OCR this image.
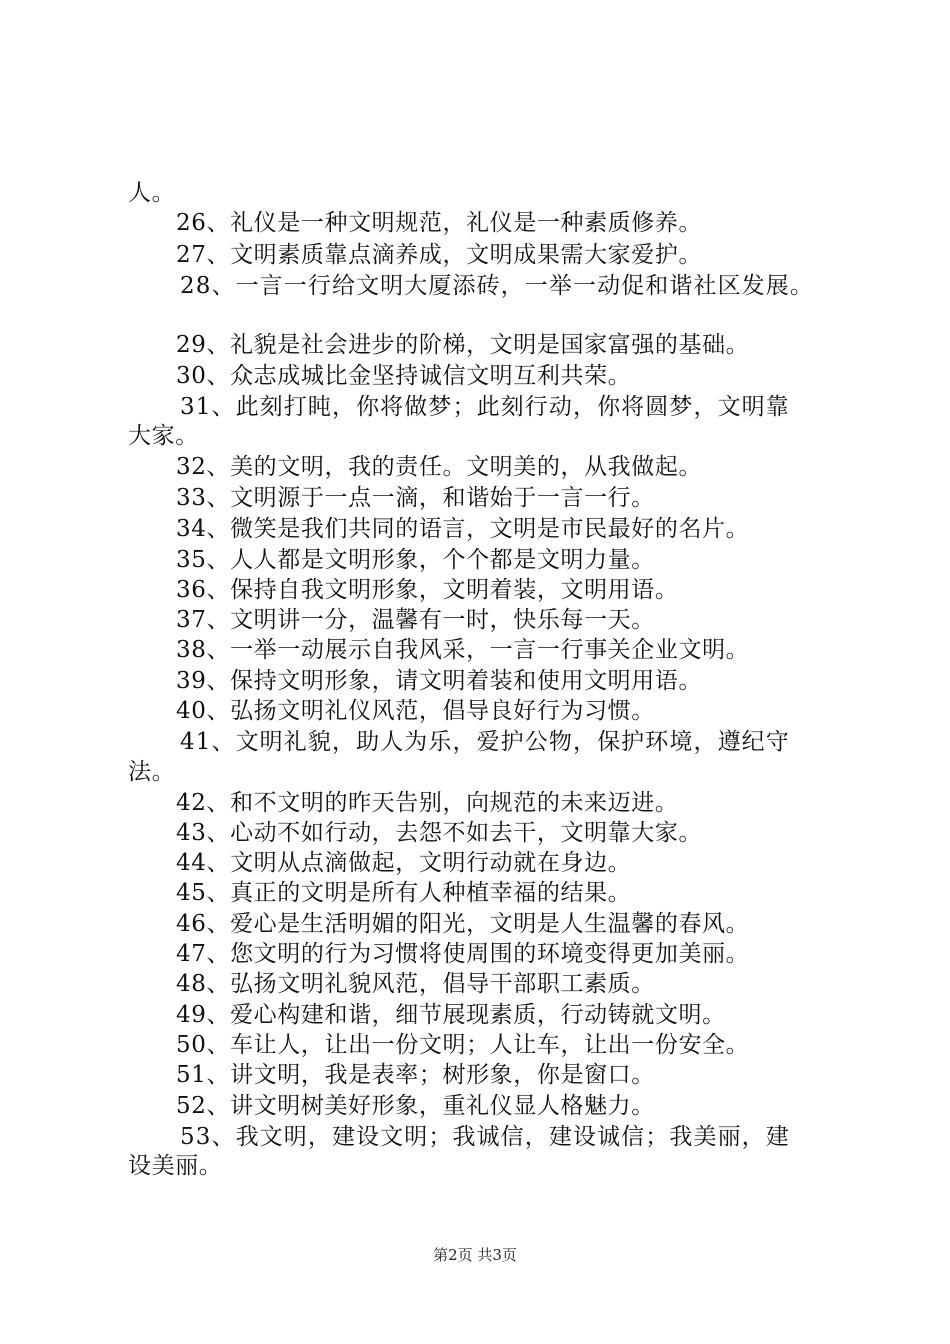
人。
26、礼仪是一种文明规范，礼仪是一种素质修养。
27、文明素质靠点滴养成，文明成果需大家爱护。
28、一言一行给文明大厦添砖，一举一动促和谐社区发展。
29、礼貌是社会进步的阶梯，文明是国家富强的基础。
30、众志成城比金坚持诚信文明互利共荣。
31、此刻打盹，你将做梦；此刻行动，你将圆梦，文明靠
大家。
32、美的文明，我的责任。文明美的，从我做起。
33、文明源于一点一滴，和谐始于一言一行。
34、微笑是我们共同的语言，文明是市民最好的名片。
35、人人都是文明形象，个个都是文明力量。
36、保持自我文明形象，文明着装，文明用语。
37、文明讲一分，温馨有一时，快乐每一天。
38、一举一动展示自我风采，一言一行事关企业文明。
39、保持文明形象，请文明着装和使用文明用语。
40、弘扬文明礼仪风范，倡导良好行为习惯。
41、文明礼貌，助人为乐，爱护公物，保护环境，遵纪守
法。
42、和不文明的昨天告别，向规范的未来迈进。
43、心动不如行动，去怨不如去干，文明靠大家。
44、文明从点滴做起，文明行动就在身边。
45、真正的文明是所有人种植幸福的结果。
46、爱心是生活明媚的阳光，文明是人生温馨的春风。
47、您文明的行为习惯将使周围的环境变得更加美丽。
48、弘扬文明礼貌风范，倡导干部职工素质。
49、爱心构建和谐，细节展现素质，行动铸就文明。
50、车让人，让出一份文明；人让车，让出一份安全。
51、讲文明，我是表率；树形象，你是窗口。
52、讲文明树美好形象，重礼仪显人格魅力。
53、我文明，建设文明；我诚信，建设诚信；我美丽，建
设美丽。
第2页 共3页
